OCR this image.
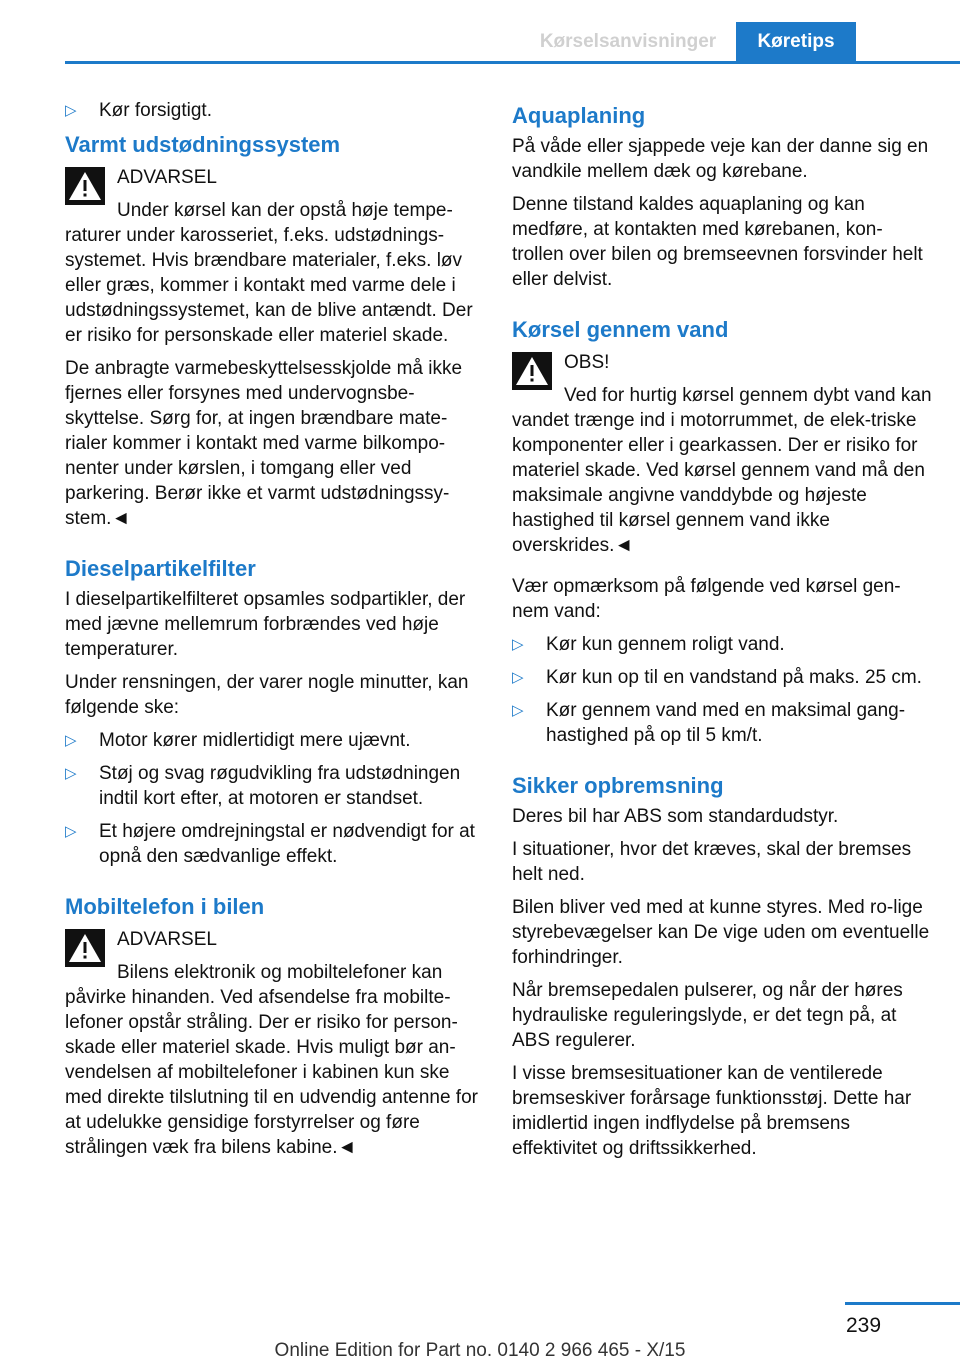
Kørselsanvisninger	Køretips
▷ Kør forsigtigt.
Varmt udstødningssystem
ADVARSEL
Under kørsel kan der opstå høje tempe‐raturer under karosseriet, f.eks. udstødnings‐systemet. Hvis brændbare materialer, f.eks. løv eller græs, kommer i kontakt med varme dele i udstødningssystemet, kan de blive antændt. Der er risiko for personskade eller materiel skade.
De anbragte varmebeskyttelsesskjolde må ikke fjernes eller forsynes med undervognsbe‐skyttelse. Sørg for, at ingen brændbare mate‐rialer kommer i kontakt med varme bilkompo‐nenter under kørslen, i tomgang eller ved parkering. Berør ikke et varmt udstødningssy‐stem.◄
Dieselpartikelfilter
I dieselpartikelfilteret opsamles sodpartikler, der med jævne mellemrum forbrændes ved høje temperaturer.
Under rensningen, der varer nogle minutter, kan følgende ske:
▷ Motor kører midlertidigt mere ujævnt.
▷ Støj og svag røgudvikling fra udstødningen indtil kort efter, at motoren er standset.
▷ Et højere omdrejningstal er nødvendigt for at opnå den sædvanlige effekt.
Mobiltelefon i bilen
ADVARSEL
Bilens elektronik og mobiltelefoner kan påvirke hinanden. Ved afsendelse fra mobilte‐lefoner opstår stråling. Der er risiko for person‐skade eller materiel skade. Hvis muligt bør an‐vendelsen af mobiltelefoner i kabinen kun ske med direkte tilslutning til en udvendig antenne for at udelukke gensidige forstyrrelser og føre strålingen væk fra bilens kabine.◄
Aquaplaning
På våde eller sjappede veje kan der danne sig en vandkile mellem dæk og kørebane.
Denne tilstand kaldes aquaplaning og kan medføre, at kontakten med kørebanen, kon‐trollen over bilen og bremseevnen forsvinder helt eller delvist.
Kørsel gennem vand
OBS!
Ved for hurtig kørsel gennem dybt vand kan vandet trænge ind i motorrummet, de elek‐triske komponenter eller i gearkassen. Der er risiko for materiel skade. Ved kørsel gennem vand må den maksimale angivne vanddybde og højeste hastighed til kørsel gennem vand ikke overskrides.◄
Vær opmærksom på følgende ved kørsel gen‐nem vand:
▷ Kør kun gennem roligt vand.
▷ Kør kun op til en vandstand på maks. 25 cm.
▷ Kør gennem vand med en maksimal gang‐hastighed på op til 5 km/t.
Sikker opbremsning
Deres bil har ABS som standardudstyr.
I situationer, hvor det kræves, skal der bremses helt ned.
Bilen bliver ved med at kunne styres. Med ro‐lige styrebevægelser kan De vige uden om eventuelle forhindringer.
Når bremsepedalen pulserer, og når der høres hydrauliske reguleringslyde, er det tegn på, at ABS regulerer.
I visse bremsesituationer kan de ventilerede bremseskiver forårsage funktionsstøj. Dette har imidlertid ingen indflydelse på bremsens effektivitet og driftssikkerhed.
239
Online Edition for Part no. 0140 2 966 465 - X/15
